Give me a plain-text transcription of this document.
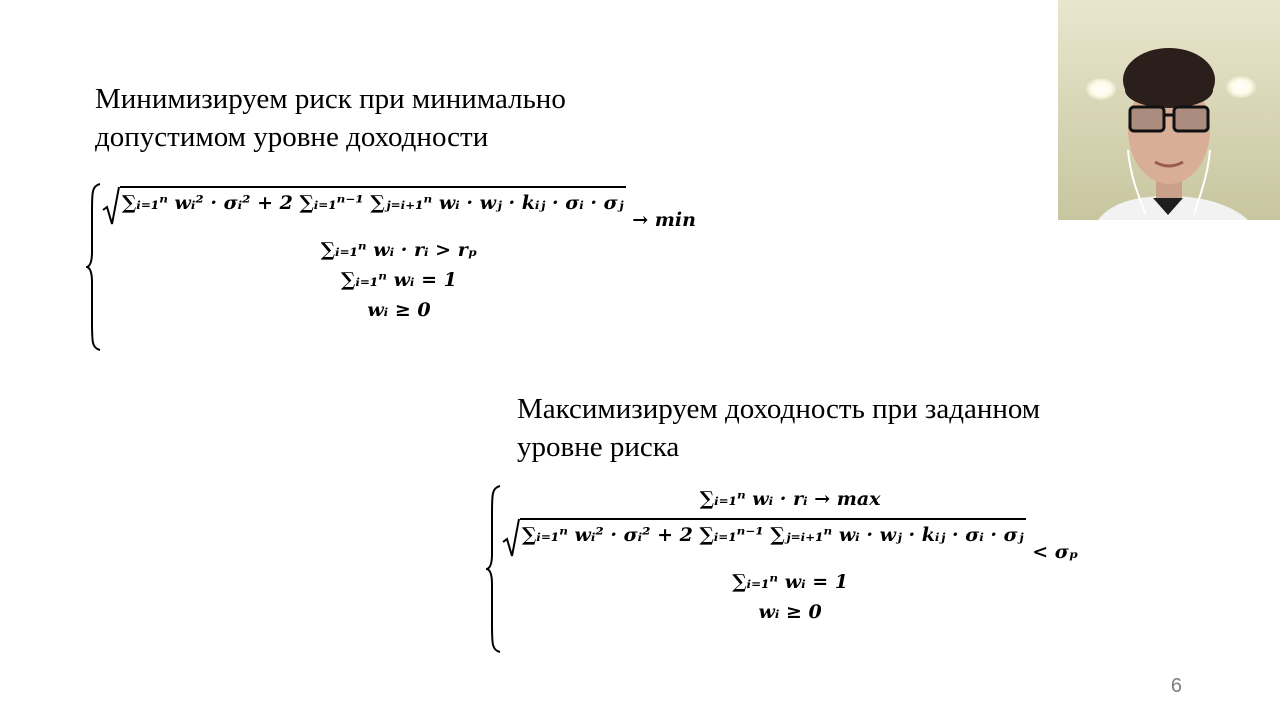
Минимизируем риск при минимально
допустимом уровне доходности
∑ᵢ₌₁ⁿ wᵢ² · σᵢ² + 2 ∑ᵢ₌₁ⁿ⁻¹ ∑ⱼ₌ᵢ₊₁ⁿ wᵢ · wⱼ · kᵢⱼ · σᵢ · σⱼ
→ min
∑ᵢ₌₁ⁿ wᵢ · rᵢ > rₚ
∑ᵢ₌₁ⁿ wᵢ = 1
wᵢ ≥ 0
Максимизируем доходность при заданном
уровне риска
∑ᵢ₌₁ⁿ wᵢ · rᵢ → max
∑ᵢ₌₁ⁿ wᵢ² · σᵢ² + 2 ∑ᵢ₌₁ⁿ⁻¹ ∑ⱼ₌ᵢ₊₁ⁿ wᵢ · wⱼ · kᵢⱼ · σᵢ · σⱼ
< σₚ
∑ᵢ₌₁ⁿ wᵢ = 1
wᵢ ≥ 0
6
